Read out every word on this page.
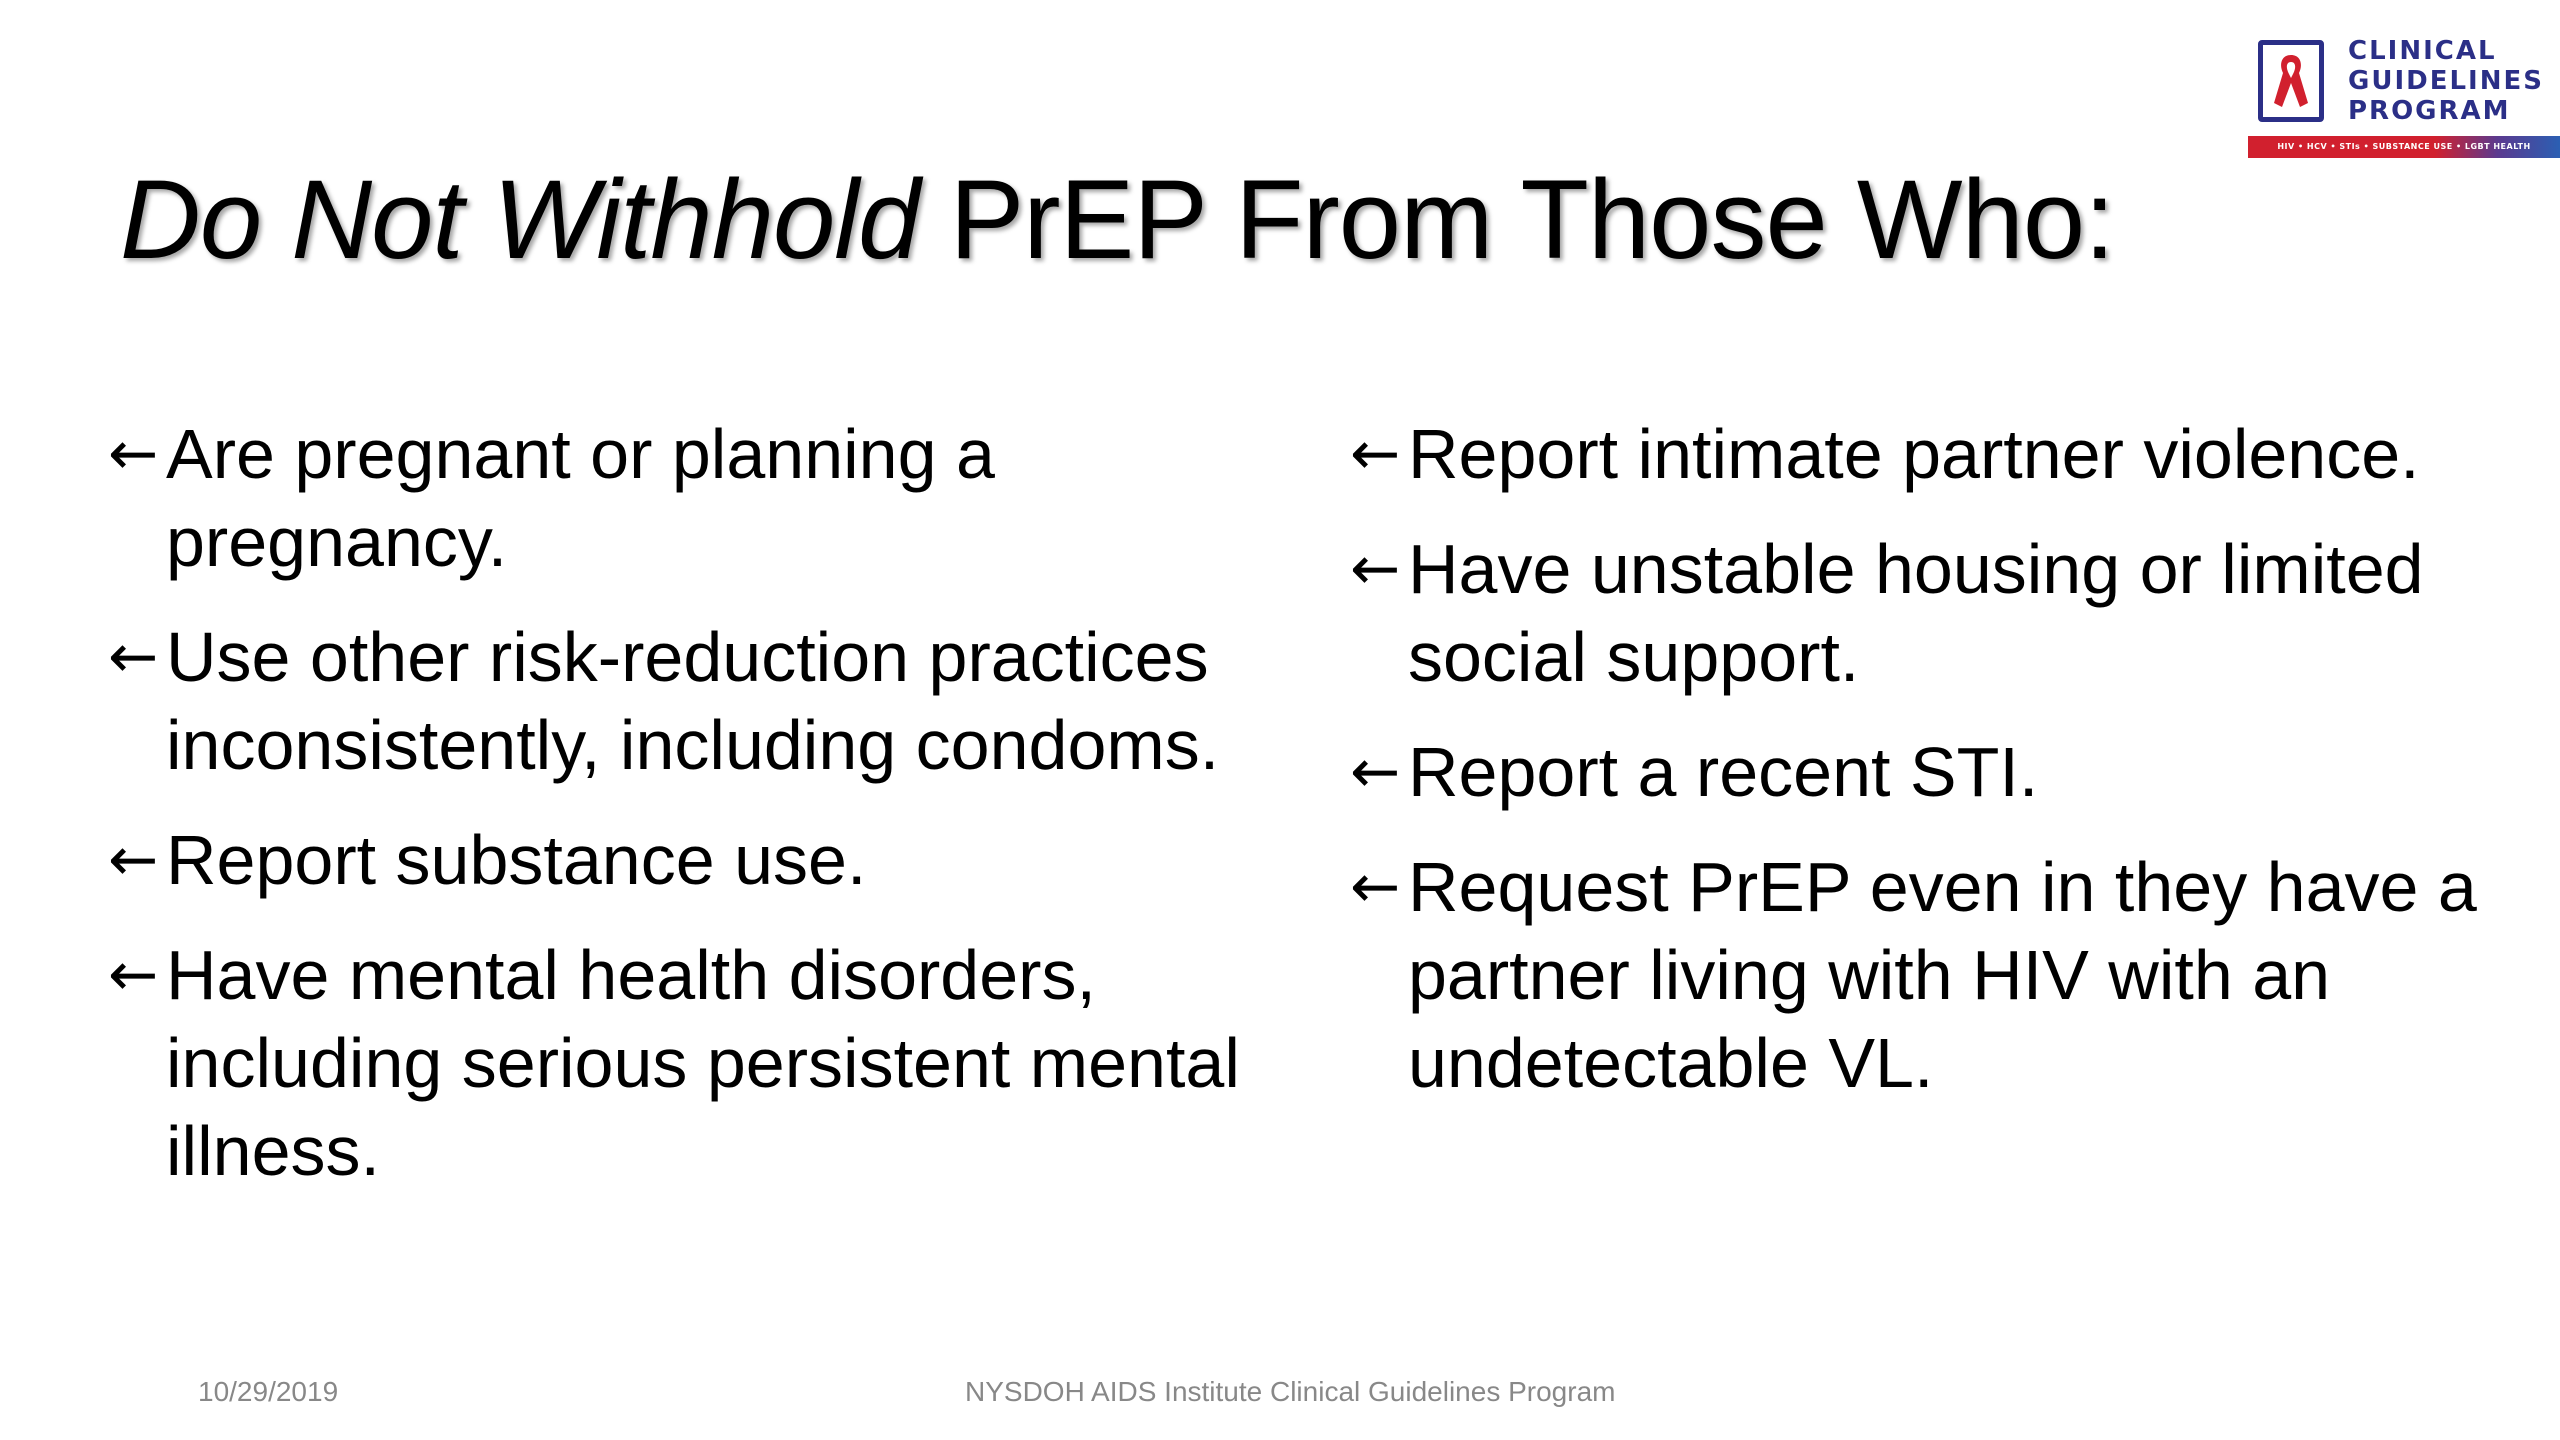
Do Not Withhold PrEP From Those Who:
CLINICAL
GUIDELINES
PROGRAM
HIV • HCV • STIs • SUBSTANCE USE • LGBT HEALTH
← Are pregnant or planning a pregnancy.
← Use other risk-reduction practices inconsistently, including condoms.
← Report substance use.
← Have mental health disorders, including serious persistent mental illness.
← Report intimate partner violence.
← Have unstable housing or limited social support.
← Report a recent STI.
← Request PrEP even in they have a partner living with HIV with an undetectable VL.
10/29/2019	NYSDOH AIDS Institute Clinical Guidelines Program
